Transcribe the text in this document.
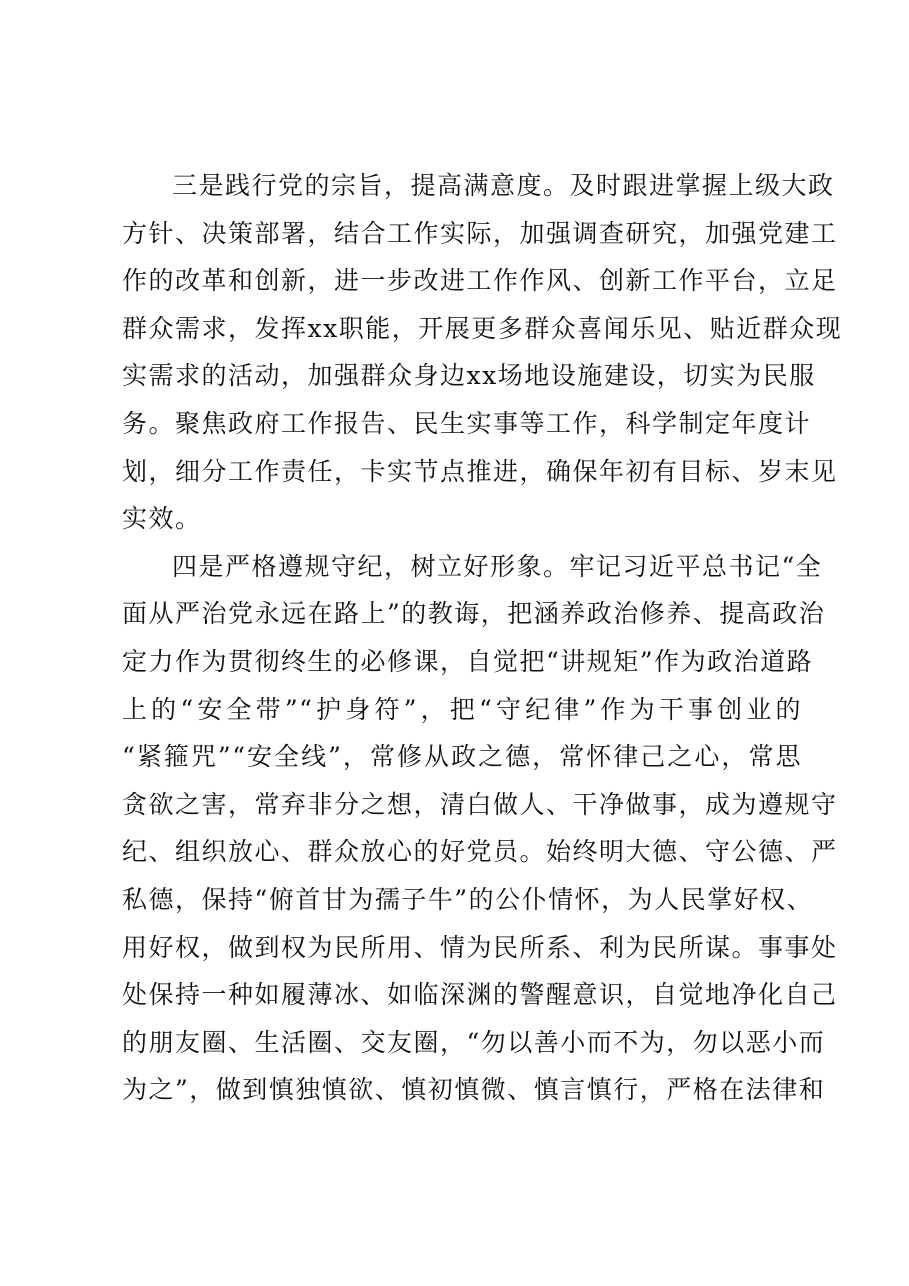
三是践行党的宗旨，提高满意度。及时跟进掌握上级大政
方针、决策部署，结合工作实际，加强调查研究，加强党建工
作的改革和创新，进一步改进工作作风、创新工作平台，立足
群众需求，发挥xx职能，开展更多群众喜闻乐见、贴近群众现
实需求的活动，加强群众身边xx场地设施建设，切实为民服
务。聚焦政府工作报告、民生实事等工作，科学制定年度计
划，细分工作责任，卡实节点推进，确保年初有目标、岁末见
实效。
四是严格遵规守纪，树立好形象。牢记习近平总书记“全
面从严治党永远在路上”的教诲，把涵养政治修养、提高政治
定力作为贯彻终生的必修课，自觉把“讲规矩”作为政治道路
上的“安全带”“护身符”，把“守纪律”作为干事创业的
“紧箍咒”“安全线”，常修从政之德，常怀律己之心，常思
贪欲之害，常弃非分之想，清白做人、干净做事，成为遵规守
纪、组织放心、群众放心的好党员。始终明大德、守公德、严
私德，保持“俯首甘为孺子牛”的公仆情怀，为人民掌好权、
用好权，做到权为民所用、情为民所系、利为民所谋。事事处
处保持一种如履薄冰、如临深渊的警醒意识，自觉地净化自己
的朋友圈、生活圈、交友圈，“勿以善小而不为，勿以恶小而
为之”，做到慎独慎欲、慎初慎微、慎言慎行，严格在法律和
